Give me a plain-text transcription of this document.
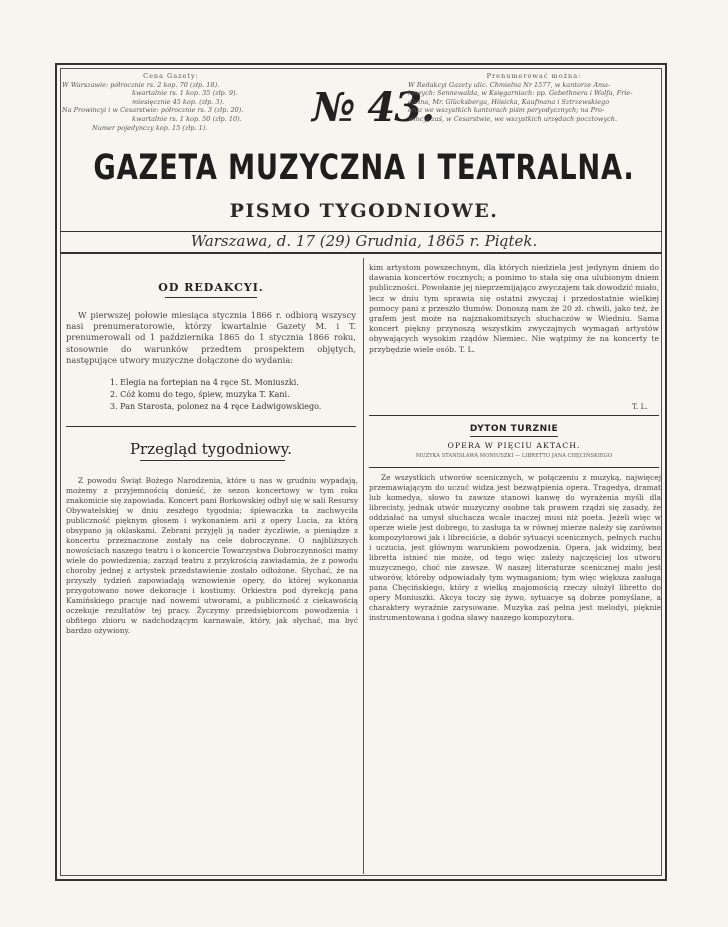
Cena Gazety:
W Warszawie: półrocznie rs. 2 kop. 70 (złp. 18).
kwartalnie rs. 1 kop. 35 (złp. 9).
miesięcznie 45 kop. (złp. 3).
Na Prowincyi i w Cesarstwie: półrocznie rs. 3 (złp. 20).
kwartalnie rs. 1 kop. 50 (złp. 10).
Numer pojedynczy kop. 15 (złp. 1).	№ 43.
Prenumerować można:
W Redakcyi Gazety ulic. Chmielna Nr 1577, w kantorze Ama-
kowych: Sennewalda, w Księgarniach: pp. Gebethnera i Wolfa, Frie-
dleina, Mr. Glücksberga, Hösicka, Kaufmana i Sztrzewskiego
oraz we wszystkich kantorach piśm peryodycznych; na Pro-
wincyi zaś, w Cesarstwie, we wszystkich urzędach pocztowych.
GAZETA MUZYCZNA I TEATRALNA.
PISMO TYGODNIOWE.
Warszawa, d. 17 (29) Grudnia, 1865 r. Piątek.
OD REDAKCYI.

W pierwszej połowie miesiąca stycznia 1866 r. odbiorą wszyscy nasi prenumeratorowie, którzy kwartalnie Gazety M. i T. prenumerowali od 1 października 1865 do 1 stycznia 1866 roku, stosownie do warunków przedtem prospektem objętych, następujące utwory muzyczne dołączone do wydania:

1. Elegia na fortepian na 4 ręce St. Moniuszki.
2. Cóż komu do tego, śpiew, muzyka T. Kani.
3. Pan Starosta, polonez na 4 ręce Ładwigowskiego.
Przegląd tygodniowy.

Z powodu Świąt Bożego Narodzenia, które u nas w grudniu wypadają, możemy z przyjemnością donieść, że sezon koncertowy w tym roku znakomicie się zapowiada. Koncert pani Borkowskiej odbył się w sali Resursy Obywatelskiej w dniu zeszłego tygodnia; śpiewaczka ta zachwyciła publiczność pięknym głosem i wykonaniem arii z opery Lucia, za którą obsypano ją oklaskami. Zebrani przyjęli ją nader życzliwie, a pieniądze z koncertu przeznaczone zostały na cele dobroczynne. O najbliższych nowościach naszego teatru i o koncercie Towarzystwa Dobroczynności mamy wiele do powiedzenia; zarząd teatru z przykrością zawiadamia, że z powodu choroby jednej z artystek przedstawienie zostało odłożone. Słychać, że na przyszły tydzień zapowiadają wznowienie opery, do której wykonania przygotowano nowe dekoracje i kostiumy. Orkiestra pod dyrekcją pana Kamińskiego pracuje nad nowemi utworami, a publiczność z ciekawością oczekuje rezultatów tej pracy. Życzymy przedsiębiorcom powodzenia i obfitego zbioru w nadchodzącym karnawale, który, jak słychać, ma być bardzo ożywiony.

kim artystom powszechnym, dla których niedziela jest jedynym dniem do dawania koncertów rocznych; a pomimo to stała się ona ulubionym dniem publiczności. Powołanie jej nieprzemijająco zwyczajem tak dowodzić miało, lecz w dniu tym sprawia się ostatni zwyczaj i przedostatnie wielkiej pomocy pani z przeszło tłumów. Donoszą nam że 20 zł. chwili, jako też, że grafem jest może na najznakomitszych słuchaczów w Wiedniu. Sama koncert piękny przynoszą wszystkim zwyczajnych wymagań artystów obywających wysokim rządów Niemiec. Nie wątpimy że na koncerty te przybędzie wiele osób. T. L.

T. L.
DYTON TURZNIE
OPERA W PIĘCIU AKTACH.
MUZYKA STANISŁAWA MONIUSZKI — LIBRETTO JANA CHĘCIŃSKIEGO

Ze wszystkich utworów scenicznych, w połączeniu z muzyką, najwięcej przemawiającym do uczuć widza jest bezwątpienia opera. Tragedya, dramat lub komedya, słowo tu zawsze stanowi kanwę do wyrażenia myśli dla librecisty, jednak utwór muzyczny osobne tak prawem rządzi się zasady, że oddziałać na umysł słuchacza wcale inaczej musi niż poeta. Jeżeli więc w operze wiele jest dobrego, to zasługa ta w równej mierze należy się zarówno kompozytorowi jak i libreciście, a dobór sytuacyi scenicznych, pełnych ruchu i uczucia, jest głównym warunkiem powodzenia. Opera, jak widzimy, bez libretta istnieć nie może, od tego więc zależy najczęściej los utworu muzycznego, choć nie zawsze. W naszej literaturze scenicznej mało jest utworów, któreby odpowiadały tym wymaganiom; tym więc większa zasługa pana Chęcińskiego, który z wielką znajomością rzeczy ułożył libretto do opery Moniuszki. Akcya toczy się żywo, sytuacye są dobrze pomyślane, a charaktery wyraźnie zarysowane. Muzyka zaś pełna jest melodyi, pięknie instrumentowana i godna sławy naszego kompozytora.
